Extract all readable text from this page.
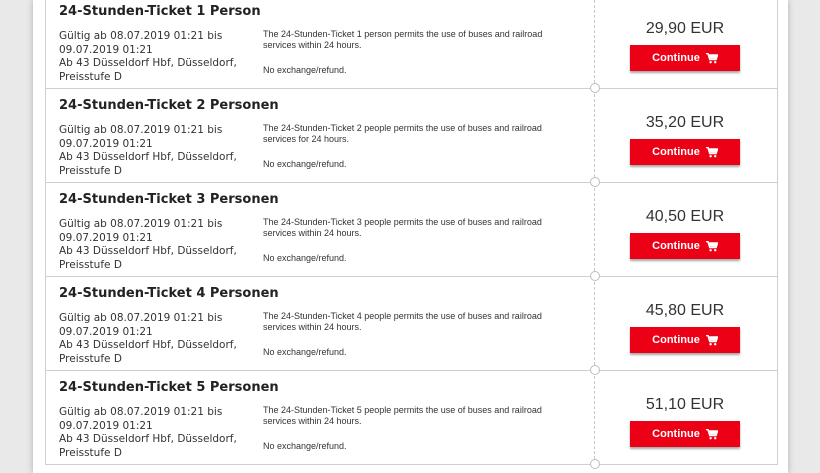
24-Stunden-Ticket 1 Person
Gültig ab 08.07.2019 01:21 bis 09.07.2019 01:21
Ab 43 Düsseldorf Hbf, Düsseldorf, Preisstufe D
The 24-Stunden-Ticket 1 person permits the use of buses and railroad services within 24 hours.
No exchange/refund.
29,90 EUR
Continue
24-Stunden-Ticket 2 Personen
Gültig ab 08.07.2019 01:21 bis 09.07.2019 01:21
Ab 43 Düsseldorf Hbf, Düsseldorf, Preisstufe D
The 24-Stunden-Ticket 2 people permits the use of buses and railroad services for 24 hours.
No exchange/refund.
35,20 EUR
Continue
24-Stunden-Ticket 3 Personen
Gültig ab 08.07.2019 01:21 bis 09.07.2019 01:21
Ab 43 Düsseldorf Hbf, Düsseldorf, Preisstufe D
The 24-Stunden-Ticket 3 people permits the use of buses and railroad services within 24 hours.
No exchange/refund.
40,50 EUR
Continue
24-Stunden-Ticket 4 Personen
Gültig ab 08.07.2019 01:21 bis 09.07.2019 01:21
Ab 43 Düsseldorf Hbf, Düsseldorf, Preisstufe D
The 24-Stunden-Ticket 4 people permits the use of buses and railroad services within 24 hours.
No exchange/refund.
45,80 EUR
Continue
24-Stunden-Ticket 5 Personen
Gültig ab 08.07.2019 01:21 bis 09.07.2019 01:21
Ab 43 Düsseldorf Hbf, Düsseldorf, Preisstufe D
The 24-Stunden-Ticket 5 people permits the use of buses and railroad services within 24 hours.
No exchange/refund.
51,10 EUR
Continue
